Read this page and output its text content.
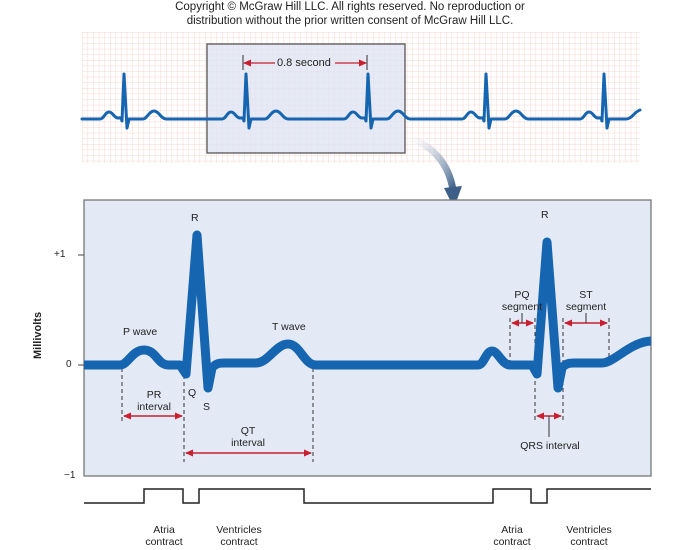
Copyright © McGraw Hill LLC. All rights reserved. No reproduction or
distribution without the prior written consent of McGraw Hill LLC.
0.8 second
Millivolts
+1
0
−1
R	R
P wave	T wave
Q
S
PR
interval
QT
interval
PQ
segment
ST
segment
QRS interval
Atria
contract
Ventricles
contract
Atria
contract
Ventricles
contract
